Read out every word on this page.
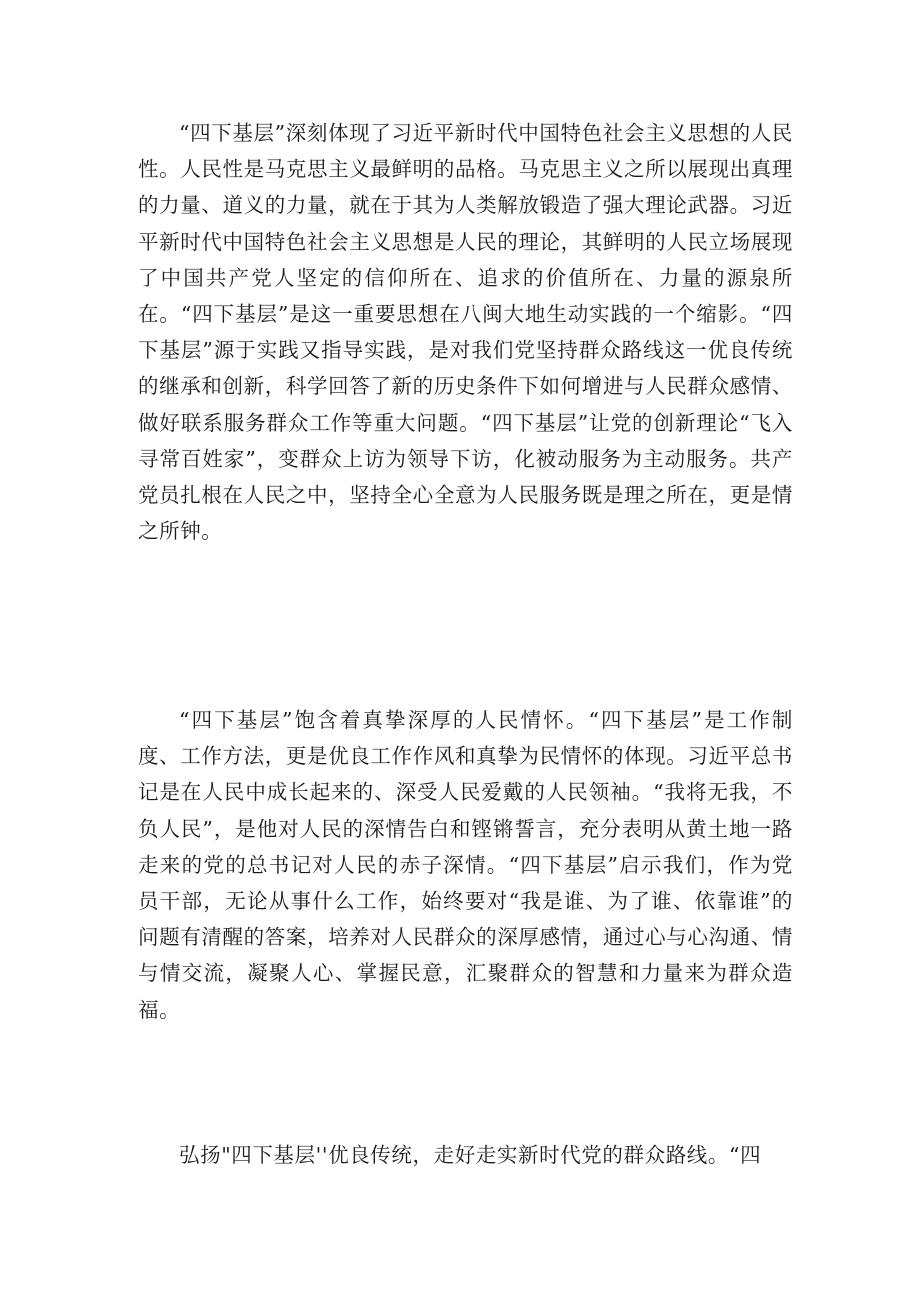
“四下基层”深刻体现了习近平新时代中国特色社会主义思想的人民性。人民性是马克思主义最鲜明的品格。马克思主义之所以展现出真理的力量、道义的力量，就在于其为人类解放锻造了强大理论武器。习近平新时代中国特色社会主义思想是人民的理论，其鲜明的人民立场展现了中国共产党人坚定的信仰所在、追求的价值所在、力量的源泉所在。“四下基层”是这一重要思想在八闽大地生动实践的一个缩影。“四下基层”源于实践又指导实践，是对我们党坚持群众路线这一优良传统的继承和创新，科学回答了新的历史条件下如何增进与人民群众感情、做好联系服务群众工作等重大问题。“四下基层”让党的创新理论“飞入寻常百姓家”，变群众上访为领导下访，化被动服务为主动服务。共产党员扎根在人民之中，坚持全心全意为人民服务既是理之所在，更是情之所钟。

“四下基层”饱含着真挚深厚的人民情怀。“四下基层”是工作制度、工作方法，更是优良工作作风和真挚为民情怀的体现。习近平总书记是在人民中成长起来的、深受人民爱戴的人民领袖。“我将无我，不负人民”，是他对人民的深情告白和铿锵誓言，充分表明从黄土地一路走来的党的总书记对人民的赤子深情。“四下基层”启示我们，作为党员干部，无论从事什么工作，始终要对“我是谁、为了谁、依靠谁”的问题有清醒的答案，培养对人民群众的深厚感情，通过心与心沟通、情与情交流，凝聚人心、掌握民意，汇聚群众的智慧和力量来为群众造福。

弘扬"四下基层''优良传统，走好走实新时代党的群众路线。“四
